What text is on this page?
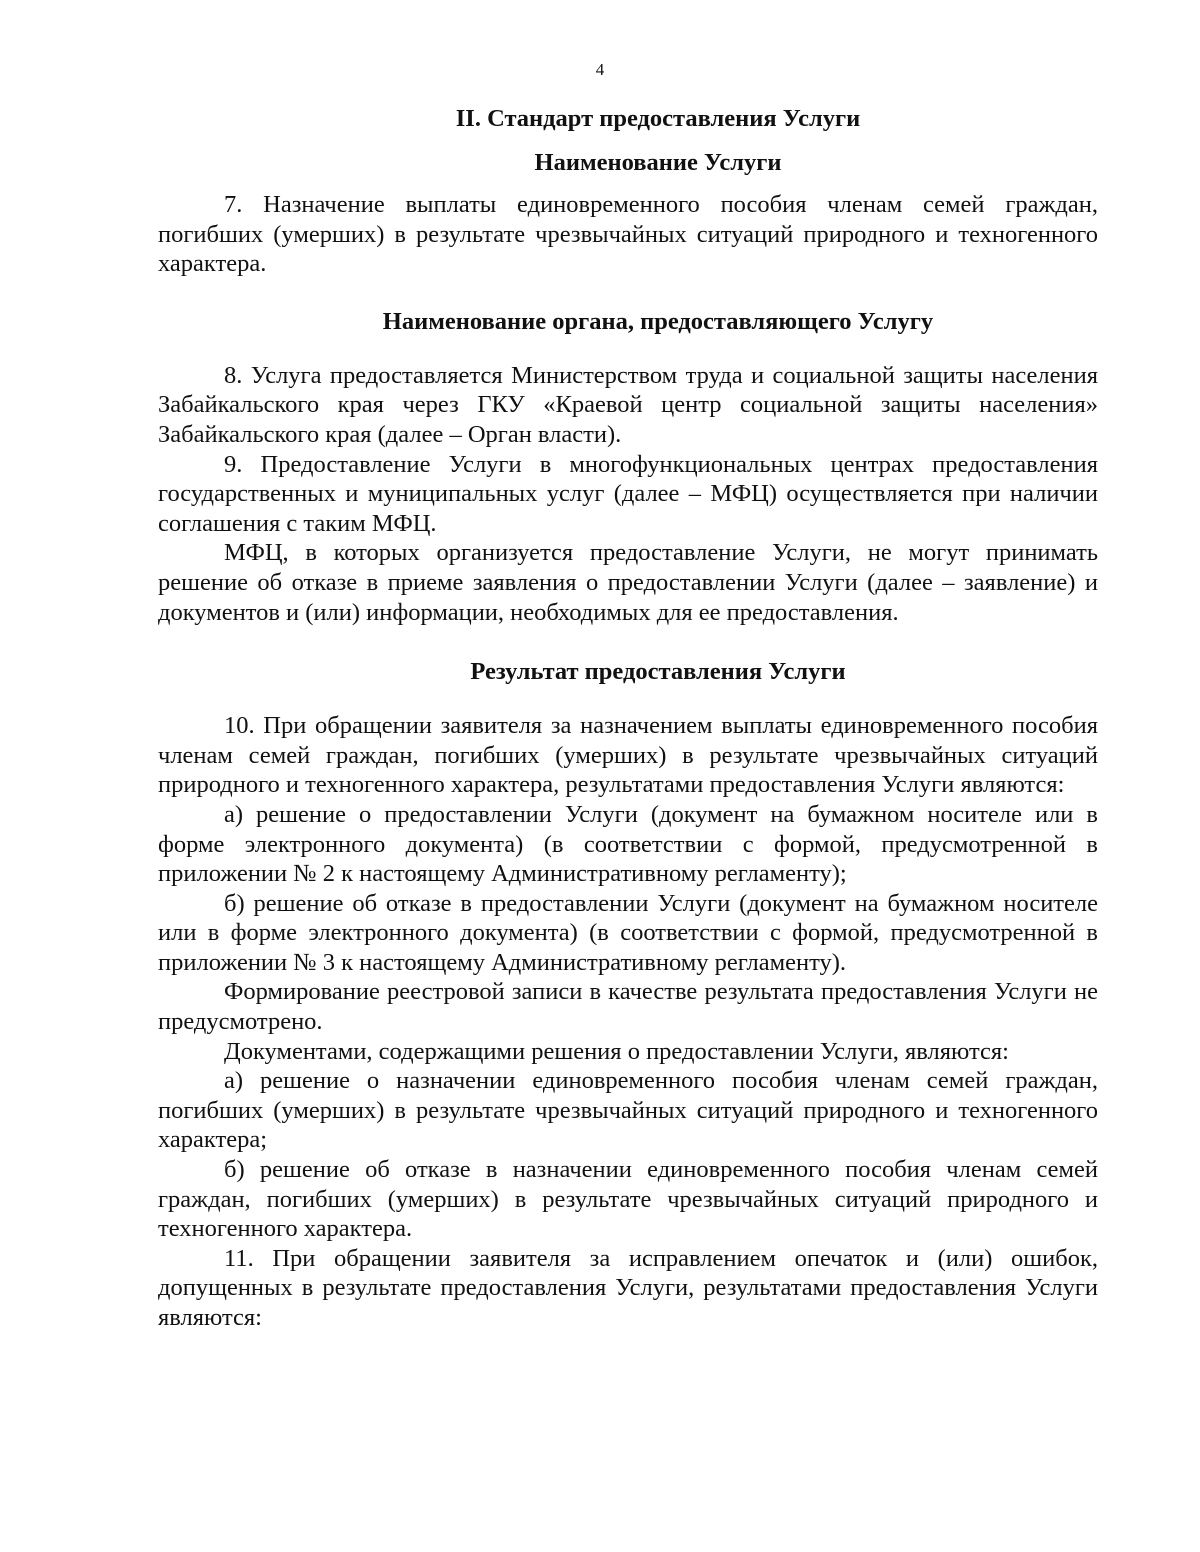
4

II. Стандарт предоставления Услуги

Наименование Услуги

7. Назначение выплаты единовременного пособия членам семей граждан, погибших (умерших) в результате чрезвычайных ситуаций природного и техногенного характера.

Наименование органа, предоставляющего Услугу

8. Услуга предоставляется Министерством труда и социальной защиты населения Забайкальского края через ГКУ «Краевой центр социальной защиты населения» Забайкальского края (далее – Орган власти).

9. Предоставление Услуги в многофункциональных центрах предоставления государственных и муниципальных услуг (далее – МФЦ) осуществляется при наличии соглашения с таким МФЦ.

МФЦ, в которых организуется предоставление Услуги, не могут принимать решение об отказе в приеме заявления о предоставлении Услуги (далее – заявление) и документов и (или) информации, необходимых для ее предоставления.

Результат предоставления Услуги

10. При обращении заявителя за назначением выплаты единовременного пособия членам семей граждан, погибших (умерших) в результате чрезвычайных ситуаций природного и техногенного характера, результатами предоставления Услуги являются:

а) решение о предоставлении Услуги (документ на бумажном носителе или в форме электронного документа) (в соответствии с формой, предусмотренной в приложении № 2 к настоящему Административному регламенту);

б) решение об отказе в предоставлении Услуги (документ на бумажном носителе или в форме электронного документа) (в соответствии с формой, предусмотренной в приложении № 3 к настоящему Административному регламенту).

Формирование реестровой записи в качестве результата предоставления Услуги не предусмотрено.

Документами, содержащими решения о предоставлении Услуги, являются:

а) решение о назначении единовременного пособия членам семей граждан, погибших (умерших) в результате чрезвычайных ситуаций природного и техногенного характера;

б) решение об отказе в назначении единовременного пособия членам семей граждан, погибших (умерших) в результате чрезвычайных ситуаций природного и техногенного характера.

11. При обращении заявителя за исправлением опечаток и (или) ошибок, допущенных в результате предоставления Услуги, результатами предоставления Услуги являются:
